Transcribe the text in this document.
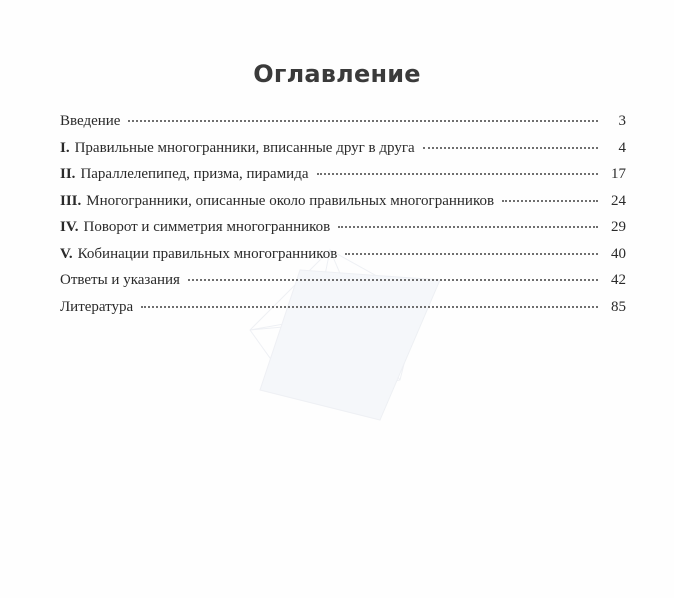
Оглавление
Введение	3
I. Правильные многогранники, вписанные друг в друга	4
II. Параллелепипед, призма, пирамида	17
III. Многогранники, описанные около правильных многогранников	24
IV. Поворот и симметрия многогранников	29
V. Кобинации правильных многогранников	40
Ответы и указания	42
Литература	85
